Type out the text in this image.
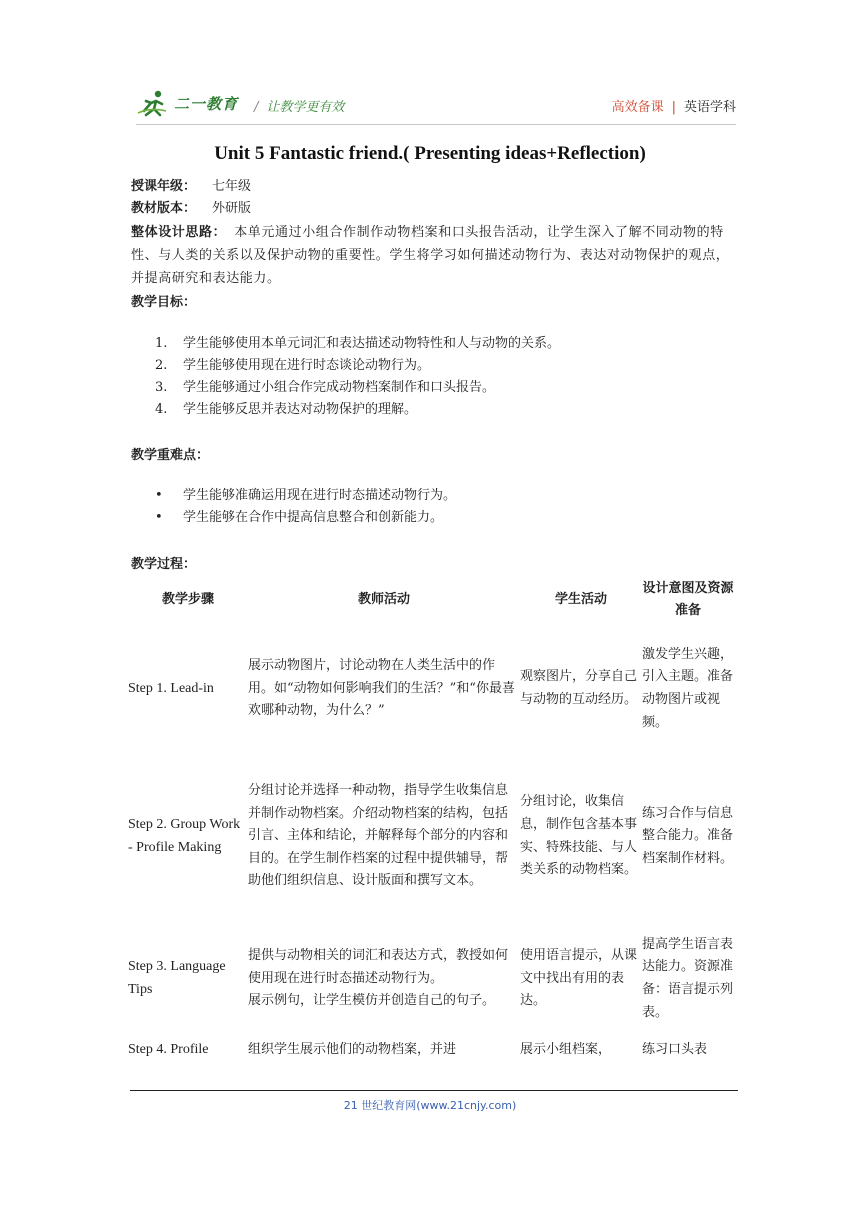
二一教育 / 让教学更有效	高效备课 | 英语学科
Unit 5 Fantastic friend.( Presenting ideas+Reflection)
授课年级： 七年级
教材版本： 外研版
整体设计思路： 本单元通过小组合作制作动物档案和口头报告活动，让学生深入了解不同动物的特性、与人类的关系以及保护动物的重要性。学生将学习如何描述动物行为、表达对动物保护的观点，并提高研究和表达能力。
教学目标：
1. 学生能够使用本单元词汇和表达描述动物特性和人与动物的关系。
2. 学生能够使用现在进行时态谈论动物行为。
3. 学生能够通过小组合作完成动物档案制作和口头报告。
4. 学生能够反思并表达对动物保护的理解。
教学重难点：
• 学生能够准确运用现在进行时态描述动物行为。
• 学生能够在合作中提高信息整合和创新能力。
教学过程：
教学步骤	教师活动	学生活动	设计意图及资源准备
Step 1. Lead-in	展示动物图片，讨论动物在人类生活中的作用。如“动物如何影响我们的生活？”和“你最喜欢哪种动物，为什么？”	观察图片，分享自己与动物的互动经历。	激发学生兴趣，引入主题。准备动物图片或视频。
Step 2. Group Work - Profile Making	分组讨论并选择一种动物，指导学生收集信息并制作动物档案。介绍动物档案的结构，包括引言、主体和结论，并解释每个部分的内容和目的。在学生制作档案的过程中提供辅导，帮助他们组织信息、设计版面和撰写文本。	分组讨论，收集信息，制作包含基本事实、特殊技能、与人类关系的动物档案。	练习合作与信息整合能力。准备档案制作材料。
Step 3. Language Tips	提供与动物相关的词汇和表达方式，教授如何使用现在进行时态描述动物行为。
展示例句，让学生模仿并创造自己的句子。	使用语言提示，从课文中找出有用的表达。	提高学生语言表达能力。资源准备：语言提示列表。
Step 4. Profile	组织学生展示他们的动物档案，并进	展示小组档案，	练习口头表
21 世纪教育网(www.21cnjy.com)
